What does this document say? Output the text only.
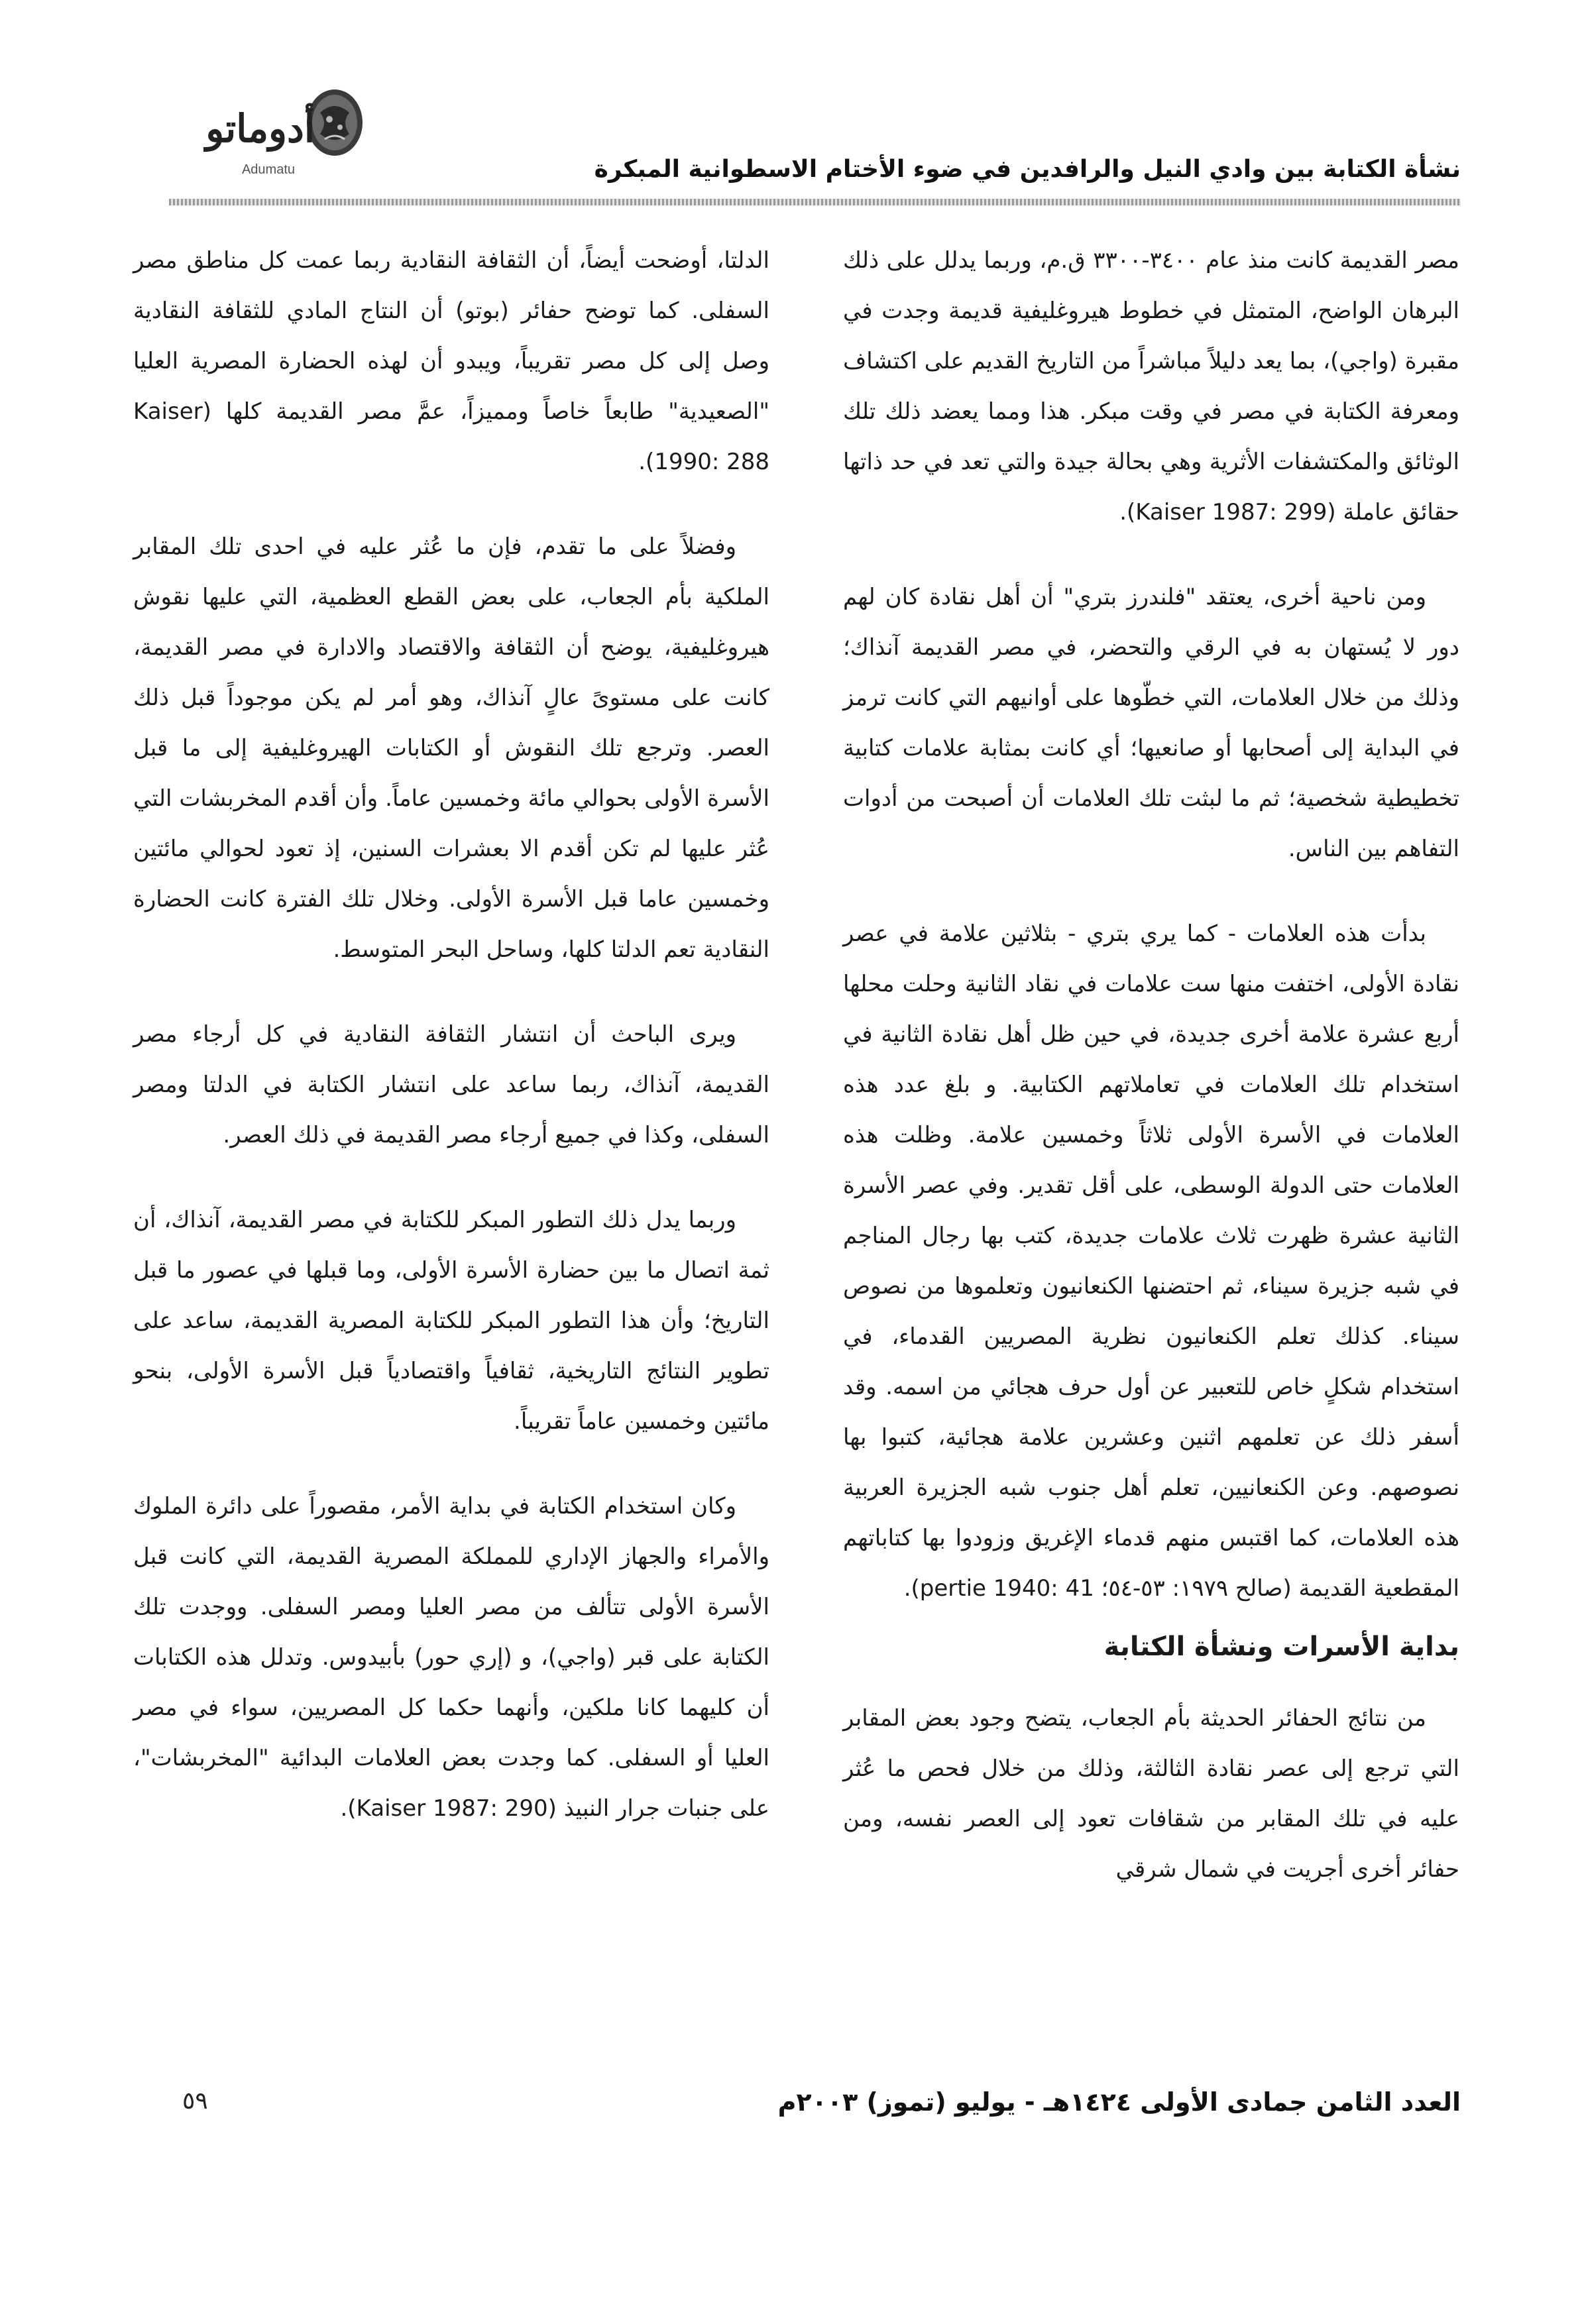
نشأة الكتابة بين وادي النيل والرافدين في ضوء الأختام الاسطوانية المبكرة
أدوماتو
Adumatu

مصر القديمة كانت منذ عام ٣٤٠٠-٣٣٠٠ ق.م، وربما يدلل على ذلك البرهان الواضح، المتمثل في خطوط هيروغليفية قديمة وجدت في مقبرة (واجي)، بما يعد دليلاً مباشراً من التاريخ القديم على اكتشاف ومعرفة الكتابة في مصر في وقت مبكر. هذا ومما يعضد ذلك تلك الوثائق والمكتشفات الأثرية وهي بحالة جيدة والتي تعد في حد ذاتها حقائق عاملة (Kaiser 1987: 299).

ومن ناحية أخرى، يعتقد "فلندرز بتري" أن أهل نقادة كان لهم دور لا يُستهان به في الرقي والتحضر، في مصر القديمة آنذاك؛ وذلك من خلال العلامات، التي خطّوها على أوانيهم التي كانت ترمز في البداية إلى أصحابها أو صانعيها؛ أي كانت بمثابة علامات كتابية تخطيطية شخصية؛ ثم ما لبثت تلك العلامات أن أصبحت من أدوات التفاهم بين الناس.

بدأت هذه العلامات - كما يري بتري - بثلاثين علامة في عصر نقادة الأولى، اختفت منها ست علامات في نقاد الثانية وحلت محلها أربع عشرة علامة أخرى جديدة، في حين ظل أهل نقادة الثانية في استخدام تلك العلامات في تعاملاتهم الكتابية. و بلغ عدد هذه العلامات في الأسرة الأولى ثلاثاً وخمسين علامة. وظلت هذه العلامات حتى الدولة الوسطى، على أقل تقدير. وفي عصر الأسرة الثانية عشرة ظهرت ثلاث علامات جديدة، كتب بها رجال المناجم في شبه جزيرة سيناء، ثم احتضنها الكنعانيون وتعلموها من نصوص سيناء. كذلك تعلم الكنعانيون نظرية المصريين القدماء، في استخدام شكلٍ خاص للتعبير عن أول حرف هجائي من اسمه. وقد أسفر ذلك عن تعلمهم اثنين وعشرين علامة هجائية، كتبوا بها نصوصهم. وعن الكنعانيين، تعلم أهل جنوب شبه الجزيرة العربية هذه العلامات، كما اقتبس منهم قدماء الإغريق وزودوا بها كتاباتهم المقطعية القديمة (صالح ١٩٧٩: ٥٣-٥٤؛ pertie 1940: 41).

بداية الأسرات ونشأة الكتابة

من نتائج الحفائر الحديثة بأم الجعاب، يتضح وجود بعض المقابر التي ترجع إلى عصر نقادة الثالثة، وذلك من خلال فحص ما عُثر عليه في تلك المقابر من شقافات تعود إلى العصر نفسه، ومن حفائر أخرى أجريت في شمال شرقي

الدلتا، أوضحت أيضاً، أن الثقافة النقادية ربما عمت كل مناطق مصر السفلى. كما توضح حفائر (بوتو) أن النتاج المادي للثقافة النقادية وصل إلى كل مصر تقريباً، ويبدو أن لهذه الحضارة المصرية العليا "الصعيدية" طابعاً خاصاً ومميزاً، عمَّ مصر القديمة كلها (Kaiser 1990: 288).

وفضلاً على ما تقدم، فإن ما عُثر عليه في احدى تلك المقابر الملكية بأم الجعاب، على بعض القطع العظمية، التي عليها نقوش هيروغليفية، يوضح أن الثقافة والاقتصاد والادارة في مصر القديمة، كانت على مستوىً عالٍ آنذاك، وهو أمر لم يكن موجوداً قبل ذلك العصر. وترجع تلك النقوش أو الكتابات الهيروغليفية إلى ما قبل الأسرة الأولى بحوالي مائة وخمسين عاماً. وأن أقدم المخربشات التي عُثر عليها لم تكن أقدم الا بعشرات السنين، إذ تعود لحوالي مائتين وخمسين عاما قبل الأسرة الأولى. وخلال تلك الفترة كانت الحضارة النقادية تعم الدلتا كلها، وساحل البحر المتوسط.

ويرى الباحث أن انتشار الثقافة النقادية في كل أرجاء مصر القديمة، آنذاك، ربما ساعد على انتشار الكتابة في الدلتا ومصر السفلى، وكذا في جميع أرجاء مصر القديمة في ذلك العصر.

وربما يدل ذلك التطور المبكر للكتابة في مصر القديمة، آنذاك، أن ثمة اتصال ما بين حضارة الأسرة الأولى، وما قبلها في عصور ما قبل التاريخ؛ وأن هذا التطور المبكر للكتابة المصرية القديمة، ساعد على تطوير النتائج التاريخية، ثقافياً واقتصادياً قبل الأسرة الأولى، بنحو مائتين وخمسين عاماً تقريباً.

وكان استخدام الكتابة في بداية الأمر، مقصوراً على دائرة الملوك والأمراء والجهاز الإداري للمملكة المصرية القديمة، التي كانت قبل الأسرة الأولى تتألف من مصر العليا ومصر السفلى. ووجدت تلك الكتابة على قبر (واجي)، و (إري حور) بأبيدوس. وتدلل هذه الكتابات أن كليهما كانا ملكين، وأنهما حكما كل المصريين، سواء في مصر العليا أو السفلى. كما وجدت بعض العلامات البدائية "المخربشات"، على جنبات جرار النبيذ (Kaiser 1987: 290).

العدد الثامن جمادى الأولى ١٤٢٤هـ - يوليو (تموز) ٢٠٠٣م
٥٩
